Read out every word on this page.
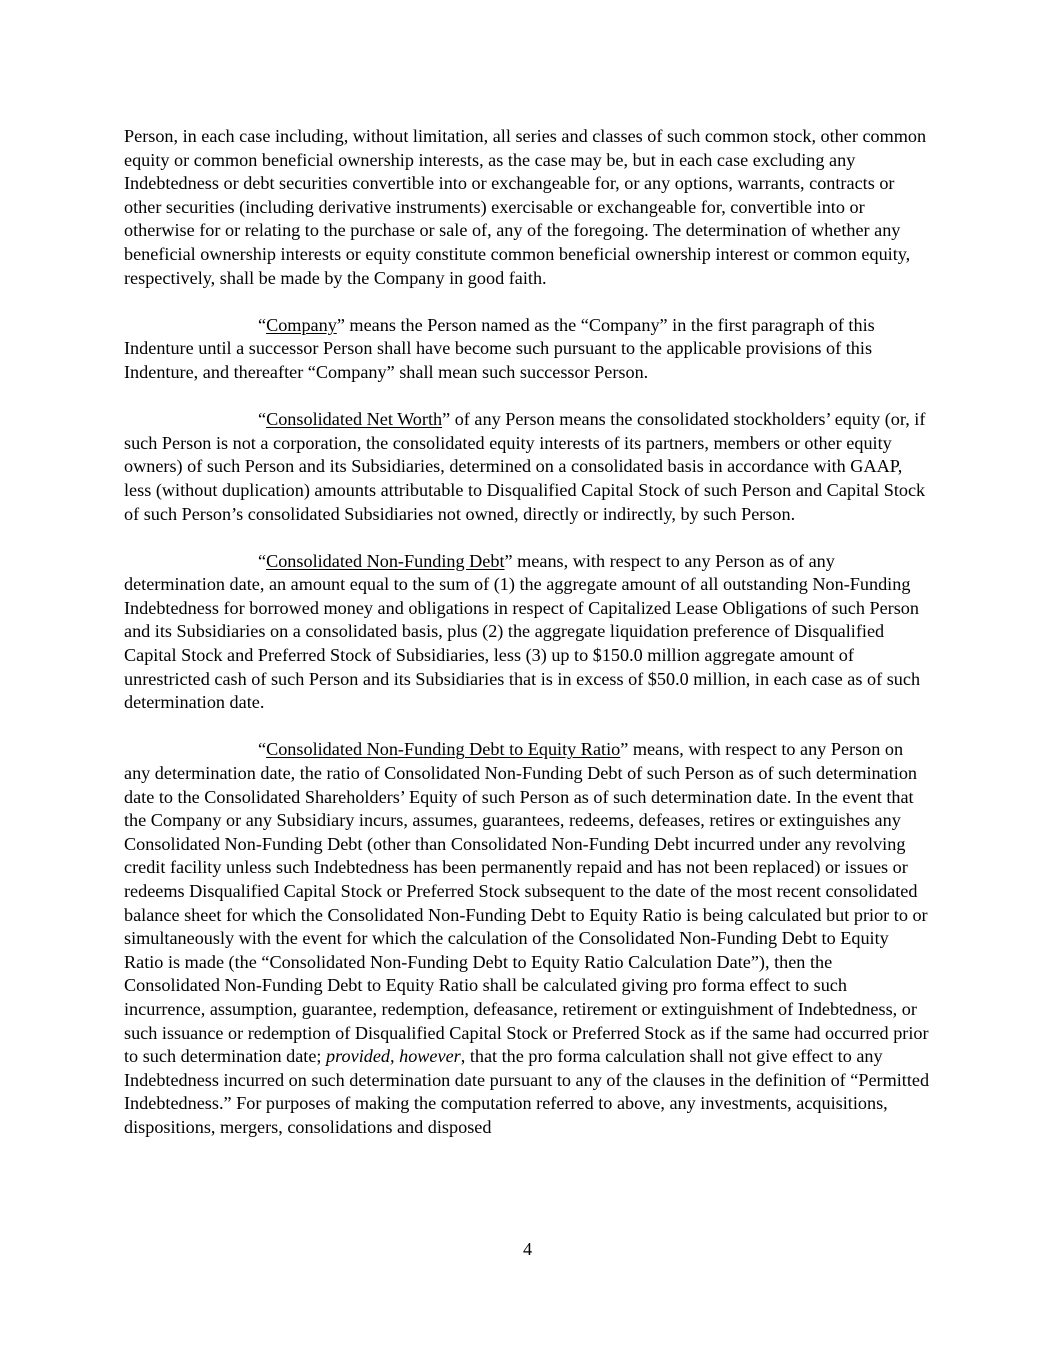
Person, in each case including, without limitation, all series and classes of such common stock, other common equity or common beneficial ownership interests, as the case may be, but in each case excluding any Indebtedness or debt securities convertible into or exchangeable for, or any options, warrants, contracts or other securities (including derivative instruments) exercisable or exchangeable for, convertible into or otherwise for or relating to the purchase or sale of, any of the foregoing. The determination of whether any beneficial ownership interests or equity constitute common beneficial ownership interest or common equity, respectively, shall be made by the Company in good faith.

“Company” means the Person named as the “Company” in the first paragraph of this Indenture until a successor Person shall have become such pursuant to the applicable provisions of this Indenture, and thereafter “Company” shall mean such successor Person.

“Consolidated Net Worth” of any Person means the consolidated stockholders’ equity (or, if such Person is not a corporation, the consolidated equity interests of its partners, members or other equity owners) of such Person and its Subsidiaries, determined on a consolidated basis in accordance with GAAP, less (without duplication) amounts attributable to Disqualified Capital Stock of such Person and Capital Stock of such Person’s consolidated Subsidiaries not owned, directly or indirectly, by such Person.

“Consolidated Non-Funding Debt” means, with respect to any Person as of any determination date, an amount equal to the sum of (1) the aggregate amount of all outstanding Non-Funding Indebtedness for borrowed money and obligations in respect of Capitalized Lease Obligations of such Person and its Subsidiaries on a consolidated basis, plus (2) the aggregate liquidation preference of Disqualified Capital Stock and Preferred Stock of Subsidiaries, less (3) up to $150.0 million aggregate amount of unrestricted cash of such Person and its Subsidiaries that is in excess of $50.0 million, in each case as of such determination date.

“Consolidated Non-Funding Debt to Equity Ratio” means, with respect to any Person on any determination date, the ratio of Consolidated Non-Funding Debt of such Person as of such determination date to the Consolidated Shareholders’ Equity of such Person as of such determination date. In the event that the Company or any Subsidiary incurs, assumes, guarantees, redeems, defeases, retires or extinguishes any Consolidated Non-Funding Debt (other than Consolidated Non-Funding Debt incurred under any revolving credit facility unless such Indebtedness has been permanently repaid and has not been replaced) or issues or redeems Disqualified Capital Stock or Preferred Stock subsequent to the date of the most recent consolidated balance sheet for which the Consolidated Non-Funding Debt to Equity Ratio is being calculated but prior to or simultaneously with the event for which the calculation of the Consolidated Non-Funding Debt to Equity Ratio is made (the “Consolidated Non-Funding Debt to Equity Ratio Calculation Date”), then the Consolidated Non-Funding Debt to Equity Ratio shall be calculated giving pro forma effect to such incurrence, assumption, guarantee, redemption, defeasance, retirement or extinguishment of Indebtedness, or such issuance or redemption of Disqualified Capital Stock or Preferred Stock as if the same had occurred prior to such determination date; provided, however, that the pro forma calculation shall not give effect to any Indebtedness incurred on such determination date pursuant to any of the clauses in the definition of “Permitted Indebtedness.” For purposes of making the computation referred to above, any investments, acquisitions, dispositions, mergers, consolidations and disposed

4
